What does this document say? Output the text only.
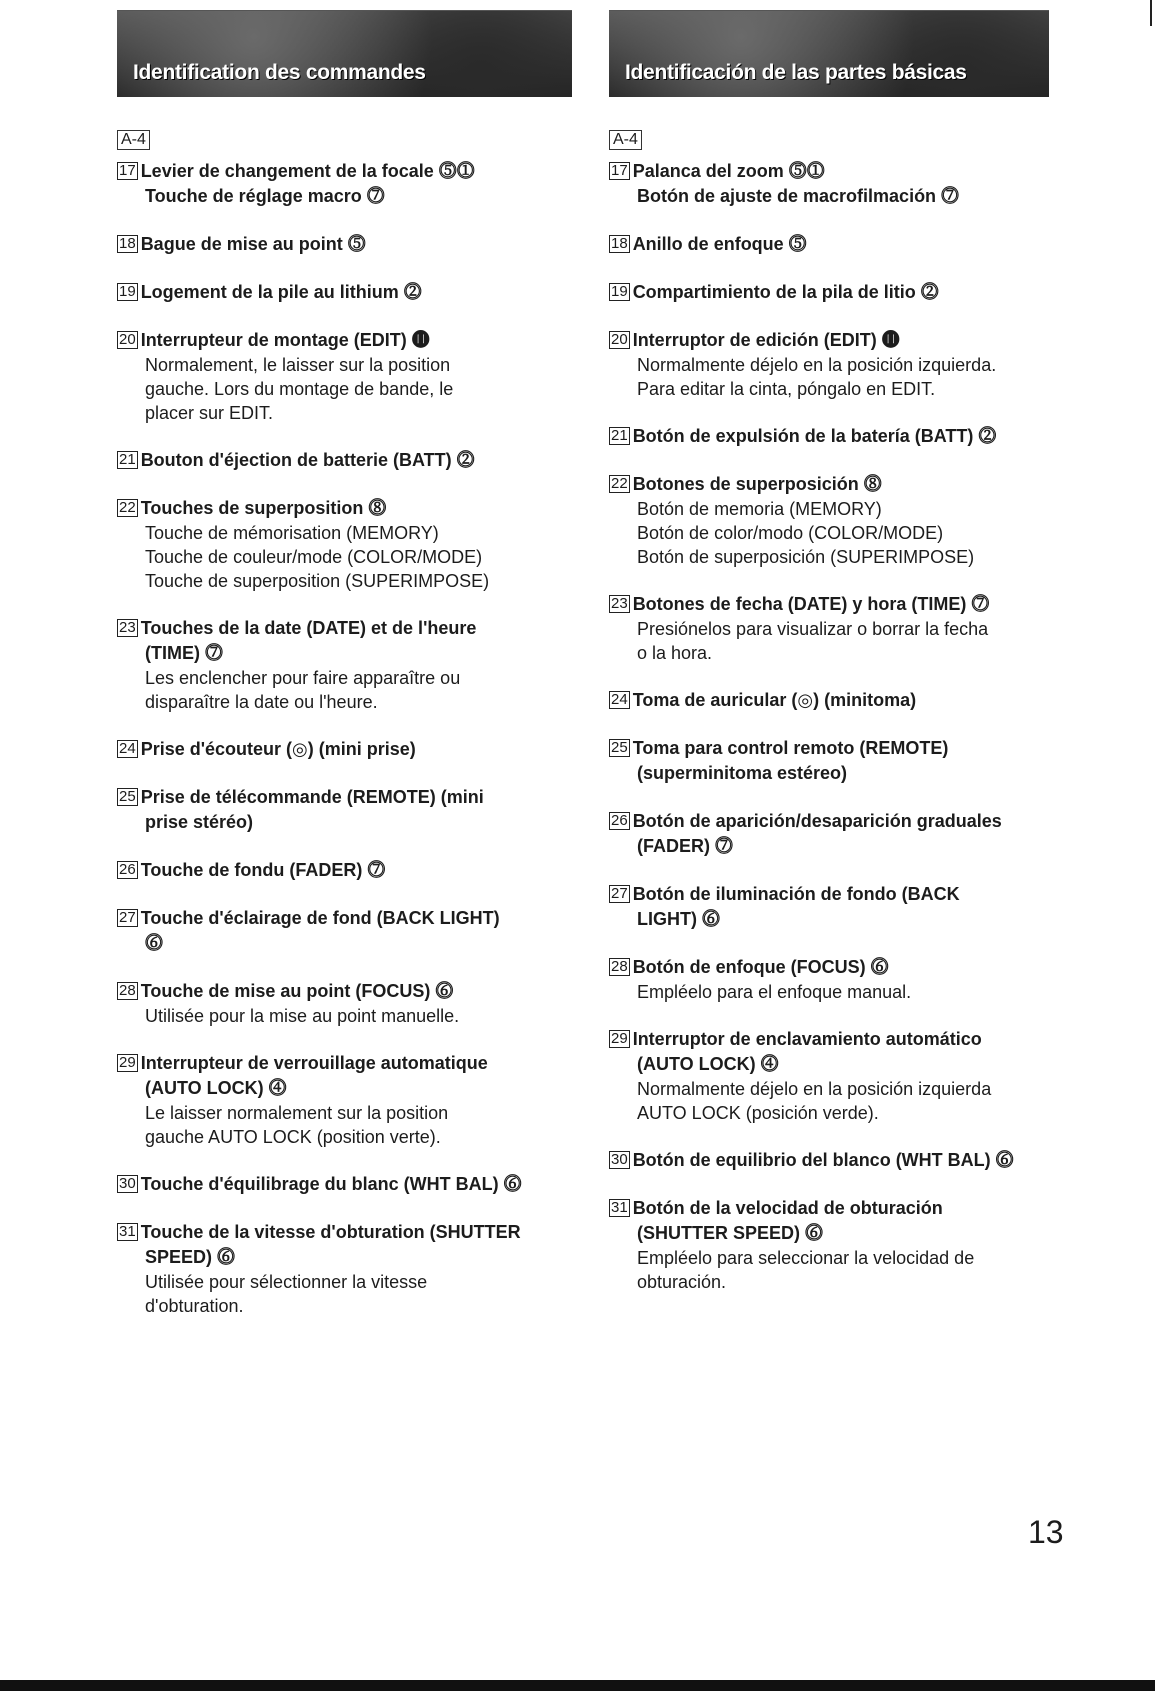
Identification des commandes
A-4
17 Levier de changement de la focale ⓹⓵
Touche de réglage macro ⓻
18 Bague de mise au point ⓹
19 Logement de la pile au lithium ⓶
20 Interrupteur de montage (EDIT) ⓫
Normalement, le laisser sur la position
gauche. Lors du montage de bande, le
placer sur EDIT.
21 Bouton d'éjection de batterie (BATT) ⓶
22 Touches de superposition ⓼
Touche de mémorisation (MEMORY)
Touche de couleur/mode (COLOR/MODE)
Touche de superposition (SUPERIMPOSE)
23 Touches de la date (DATE) et de l'heure
(TIME) ⓻
Les enclencher pour faire apparaître ou
disparaître la date ou l'heure.
24 Prise d'écouteur (◎) (mini prise)
25 Prise de télécommande (REMOTE) (mini
prise stéréo)
26 Touche de fondu (FADER) ⓻
27 Touche d'éclairage de fond (BACK LIGHT)
⓺
28 Touche de mise au point (FOCUS) ⓺
Utilisée pour la mise au point manuelle.
29 Interrupteur de verrouillage automatique
(AUTO LOCK) ⓸
Le laisser normalement sur la position
gauche AUTO LOCK (position verte).
30 Touche d'équilibrage du blanc (WHT BAL) ⓺
31 Touche de la vitesse d'obturation (SHUTTER
SPEED) ⓺
Utilisée pour sélectionner la vitesse
d'obturation.
Identificación de las partes básicas
A-4
17 Palanca del zoom ⓹⓵
Botón de ajuste de macrofilmación ⓻
18 Anillo de enfoque ⓹
19 Compartimiento de la pila de litio ⓶
20 Interruptor de edición (EDIT) ⓫
Normalmente déjelo en la posición izquierda.
Para editar la cinta, póngalo en EDIT.
21 Botón de expulsión de la batería (BATT) ⓶
22 Botones de superposición ⓼
Botón de memoria (MEMORY)
Botón de color/modo (COLOR/MODE)
Botón de superposición (SUPERIMPOSE)
23 Botones de fecha (DATE) y hora (TIME) ⓻
Presiónelos para visualizar o borrar la fecha
o la hora.
24 Toma de auricular (◎) (minitoma)
25 Toma para control remoto (REMOTE)
(superminitoma estéreo)
26 Botón de aparición/desaparición graduales
(FADER) ⓻
27 Botón de iluminación de fondo (BACK
LIGHT) ⓺
28 Botón de enfoque (FOCUS) ⓺
Empléelo para el enfoque manual.
29 Interruptor de enclavamiento automático
(AUTO LOCK) ⓸
Normalmente déjelo en la posición izquierda
AUTO LOCK (posición verde).
30 Botón de equilibrio del blanco (WHT BAL) ⓺
31 Botón de la velocidad de obturación
(SHUTTER SPEED) ⓺
Empléelo para seleccionar la velocidad de
obturación.
13
